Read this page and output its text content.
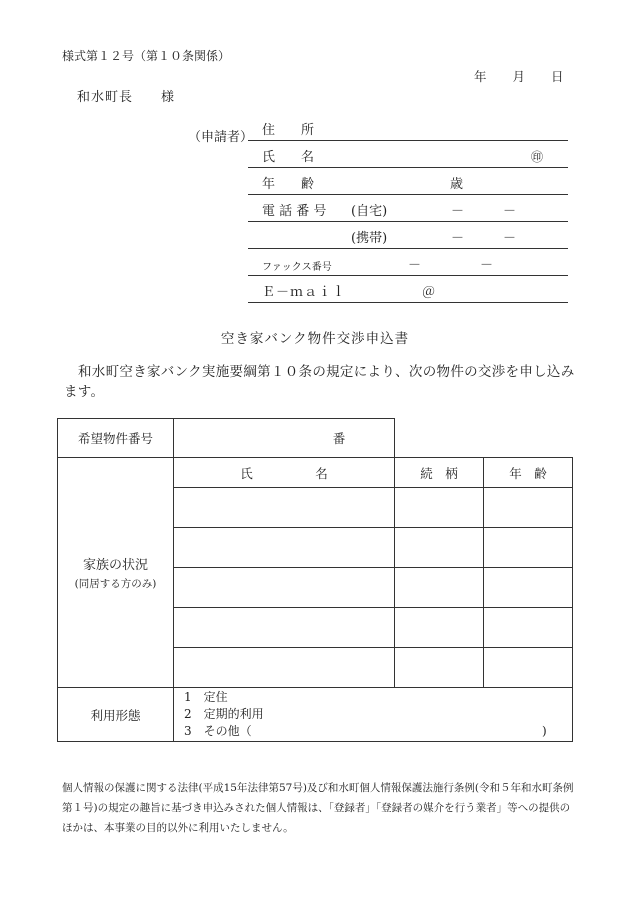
様式第１２号（第１０条関係）
年 月 日
和水町長　　様
（申請者） 住　　所
氏　　名	㊞
年　　齢	歳
電 話 番 号 (自宅)	－　　　－
(携帯)	－　　　－
ファックス番号	－	－
Ｅ－ｍａｉｌ	＠
空き家バンク物件交渉申込書
和水町空き家バンク実施要綱第１０条の規定により、次の物件の交渉を申し込みます。
希望物件番号	番		

家族の状況
(同居する方のみ)	氏　　　　　名	続　柄	年　齢

利用形態	1　定住
2　定期的利用
3　その他（ )		
個人情報の保護に関する法律(平成15年法律第57号)及び和水町個人情報保護法施行条例(令和５年和水町条例第１号)の規定の趣旨に基づき申込みされた個人情報は、「登録者」「登録者の媒介を行う業者」等への提供のほかは、本事業の目的以外に利用いたしません。
